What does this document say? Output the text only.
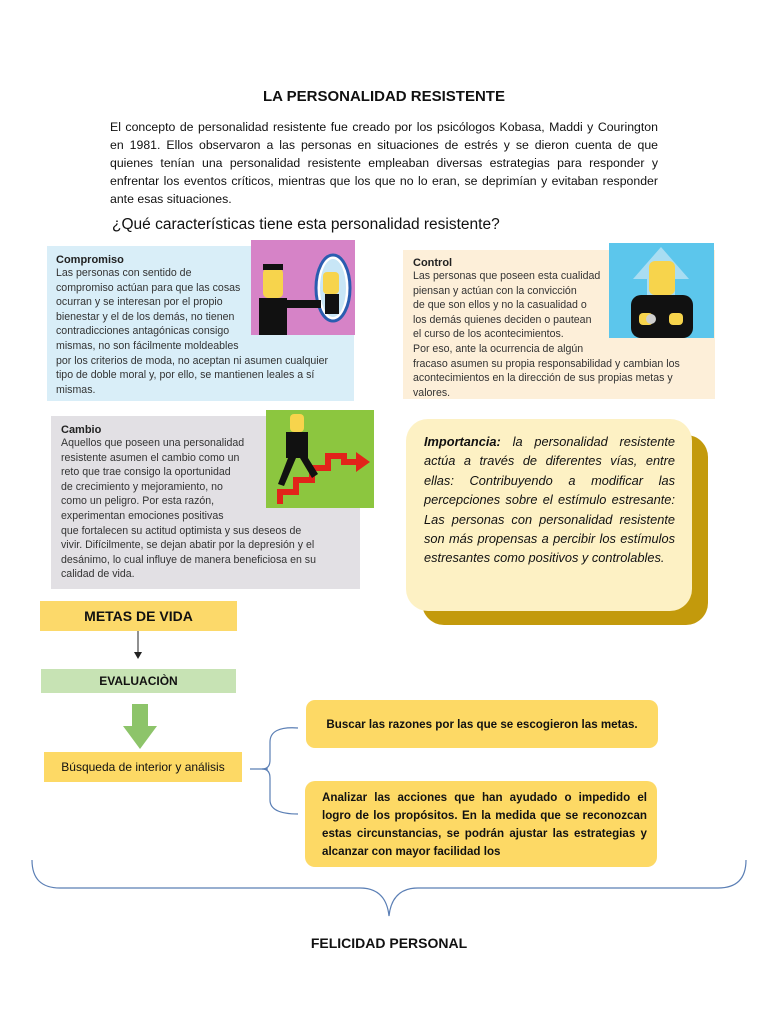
LA PERSONALIDAD RESISTENTE
El concepto de personalidad resistente fue creado por los psicólogos Kobasa, Maddi y Courington en 1981. Ellos observaron a las personas en situaciones de estrés y se dieron cuenta de que quienes tenían una personalidad resistente empleaban diversas estrategias para responder y enfrentar los eventos críticos, mientras que los que no lo eran, se deprimían y evitaban responder ante esas situaciones.
¿Qué características tiene esta personalidad resistente?
Compromiso
Las personas con sentido de
compromiso actúan para que las cosas
ocurran y se interesan por el propio
bienestar y el de los demás, no tienen
contradicciones antagónicas consigo
mismas, no son fácilmente moldeables
por los criterios de moda, no aceptan ni asumen cualquier
tipo de doble moral y, por ello, se mantienen leales a sí
mismas.
Control
Las personas que poseen esta cualidad
piensan y actúan con la convicción
de que son ellos y no la casualidad o
los demás quienes deciden o pautean
el curso de los acontecimientos.
Por eso, ante la ocurrencia de algún
fracaso asumen su propia responsabilidad y cambian los
acontecimientos en la dirección de sus propias metas y
valores.
Cambio
Aquellos que poseen una personalidad
resistente asumen el cambio como un
reto que trae consigo la oportunidad
de crecimiento y mejoramiento, no
como un peligro. Por esta razón,
experimentan emociones positivas
que fortalecen su actitud optimista y sus deseos de
vivir. Difícilmente, se dejan abatir por la depresión y el
desánimo, lo cual influye de manera beneficiosa en su
calidad de vida.
Importancia: la personalidad resistente actúa a través de diferentes vías, entre ellas: Contribuyendo a modificar las percepciones sobre el estímulo estresante: Las personas con personalidad resistente son más propensas a percibir los estímulos estresantes como positivos y controlables.
METAS DE VIDA
EVALUACIÒN
Búsqueda de interior y análisis
Buscar las razones por las que se escogieron las metas.
Analizar las acciones que han ayudado o impedido el logro de los propósitos. En la medida que se reconozcan estas circunstancias, se podrán ajustar las estrategias y alcanzar con mayor facilidad los
FELICIDAD PERSONAL
